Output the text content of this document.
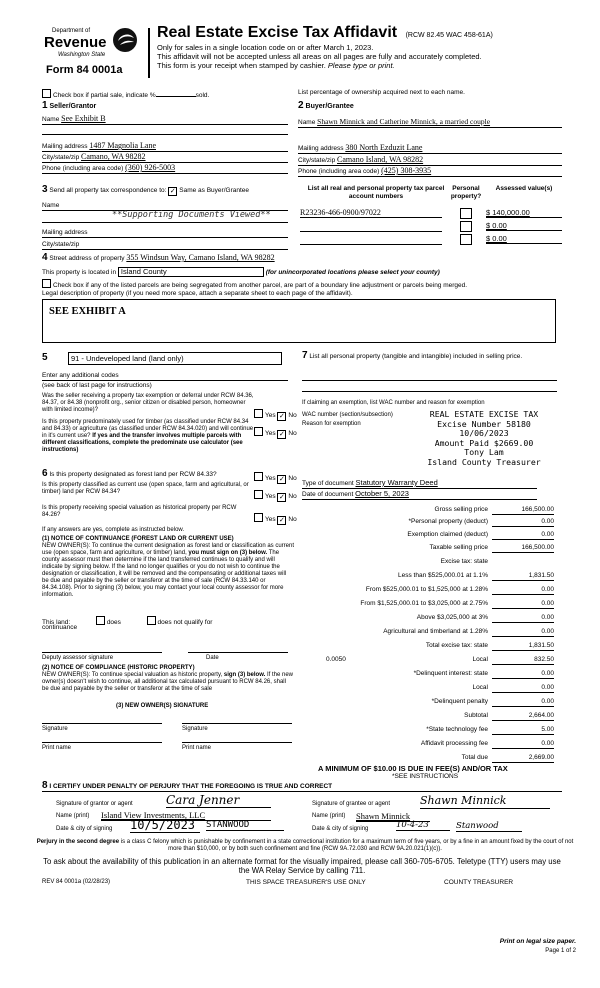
Department of
Revenue
Washington State
Form 84 0001a
Real Estate Excise Tax Affidavit (RCW 82.45 WAC 458-61A)
Only for sales in a single location code on or after March 1, 2023.
This affidavit will not be accepted unless all areas on all pages are fully and accurately completed.
This form is your receipt when stamped by cashier. Please type or print.
Check box if partial sale, indicate %	sold.	List percentage of ownership acquired next to each name.
1 Seller/Grantor
Name See Exhibit B
Mailing address 1487 Magnolia Lane
City/state/zip Camano, WA 98282
Phone (including area code) (360) 926-5003
2 Buyer/Grantee
Name Shawn Minnick and Catherine Minnick, a married couple
Mailing address 380 North Ezduzit Lane
City/state/zip Camano Island, WA 98282
Phone (including area code) (425) 308-3935
3 Send all property tax correspondence to: ✓ Same as Buyer/Grantee
Name
**Supporting Documents Viewed**
Mailing address
City/state/zip
List all real and personal property tax parcel account numbers
Personal property?
Assessed value(s)
R23236-466-0900/97022	$ 140,000.00
$ 0.00
$ 0.00
4 Street address of property 355 Windsun Way, Camano Island, WA 98282
This property is located in Island County	(for unincorporated locations please select your county)
Check box if any of the listed parcels are being segregated from another parcel, are part of a boundary line adjustment or parcels being merged.
Legal description of property (if you need more space, attach a separate sheet to each page of the affidavit).
SEE EXHIBIT A
5	91 - Undeveloped land (land only)
Enter any additional codes
(see back of last page for instructions)
Was the seller receiving a property tax exemption or deferral under RCW 84.36, 84.37, or 84.38 (nonprofit org., senior citizen or disabled person, homeowner with limited income)?
Yes ✓ No
Is this property predominately used for timber (as classified under RCW 84.34 and 84.33) or agriculture (as classified under RCW 84.34.020) and will continue in it's current use? If yes and the transfer involves multiple parcels with different classifications, complete the predominate use calculator (see instructions)
Yes ✓ No
6 Is this property designated as forest land per RCW 84.33?
Yes ✓ No
Is this property classified as current use (open space, farm and agricultural, or timber) land per RCW 84.34?
Yes ✓ No
Is this property receiving special valuation as historical property per RCW 84.26?
Yes ✓ No
If any answers are yes, complete as instructed below.
(1) NOTICE OF CONTINUANCE (FOREST LAND OR CURRENT USE)
NEW OWNER(S): To continue the current designation as forest land or classification as current use (open space, farm and agriculture, or timber) land, you must sign on (3) below. The county assessor must then determine if the land transferred continues to qualify and will indicate by signing below. If the land no longer qualifies or you do not wish to continue the designation or classification, it will be removed and the compensating or additional taxes will be due and payable by the seller or transferor at the time of sale (RCW 84.33.140 or 84.34.108). Prior to signing (3) below, you may contact your local county assessor for more information.
This land:	does	does not qualify for
continuance
Deputy assessor signature	Date
(2) NOTICE OF COMPLIANCE (HISTORIC PROPERTY)
NEW OWNER(S): To continue special valuation as historic property, sign (3) below. If the new owner(s) doesn't wish to continue, all additional tax calculated pursuant to RCW 84.26, shall be due and payable by the seller or transferor at the time of sale
(3) NEW OWNER(S) SIGNATURE
Signature	Signature
Print name	Print name
7 List all personal property (tangible and intangible) included in selling price.
If claiming an exemption, list WAC number and reason for exemption
WAC number (section/subsection)
Reason for exemption
REAL ESTATE EXCISE TAX
Excise Number 58180
10/06/2023
Amount Paid $2669.00
Tony Lam
Island County Treasurer
Type of document Statutory Warranty Deed
Date of document October 5, 2023
Gross selling price	166,500.00
*Personal property (deduct)	0.00
Exemption claimed (deduct)	0.00
Taxable selling price	166,500.00
Excise tax: state
Less than $525,000.01 at 1.1%	1,831.50
From $525,000.01 to $1,525,000 at 1.28%	0.00
From $1,525,000.01 to $3,025,000 at 2.75%	0.00
Above $3,025,000 at 3%	0.00
Agricultural and timberland at 1.28%	0.00
Total excise tax: state	1,831.50
0.0050	Local	832.50
*Delinquent interest: state	0.00
Local	0.00
*Delinquent penalty	0.00
Subtotal	2,664.00
*State technology fee	5.00
Affidavit processing fee	0.00
Total due	2,669.00
A MINIMUM OF $10.00 IS DUE IN FEE(S) AND/OR TAX
*SEE INSTRUCTIONS
8 I CERTIFY UNDER PENALTY OF PERJURY THAT THE FOREGOING IS TRUE AND CORRECT
Signature of grantor or agent	Cara Jenner
Name (print) Island View Investments, LLC
Date & city of signing 10/5/2023	STANWOOD
Signature of grantee or agent	Shawn Minnick
Name (print) Shawn Minnick
Date & city of signing	10-4-23	Stanwood
Perjury in the second degree is a class C felony which is punishable by confinement in a state correctional institution for a maximum term of five years, or by a fine in an amount fixed by the court of not more than $10,000, or by both such confinement and fine (RCW 9A.72.030 and RCW 9A.20.021(1)(c)).
To ask about the availability of this publication in an alternate format for the visually impaired, please call 360-705-6705. Teletype (TTY) users may use the WA Relay Service by calling 711.
REV 84 0001a (02/28/23)	THIS SPACE TREASURER'S USE ONLY	COUNTY TREASURER
Print on legal size paper.
Page 1 of 2
